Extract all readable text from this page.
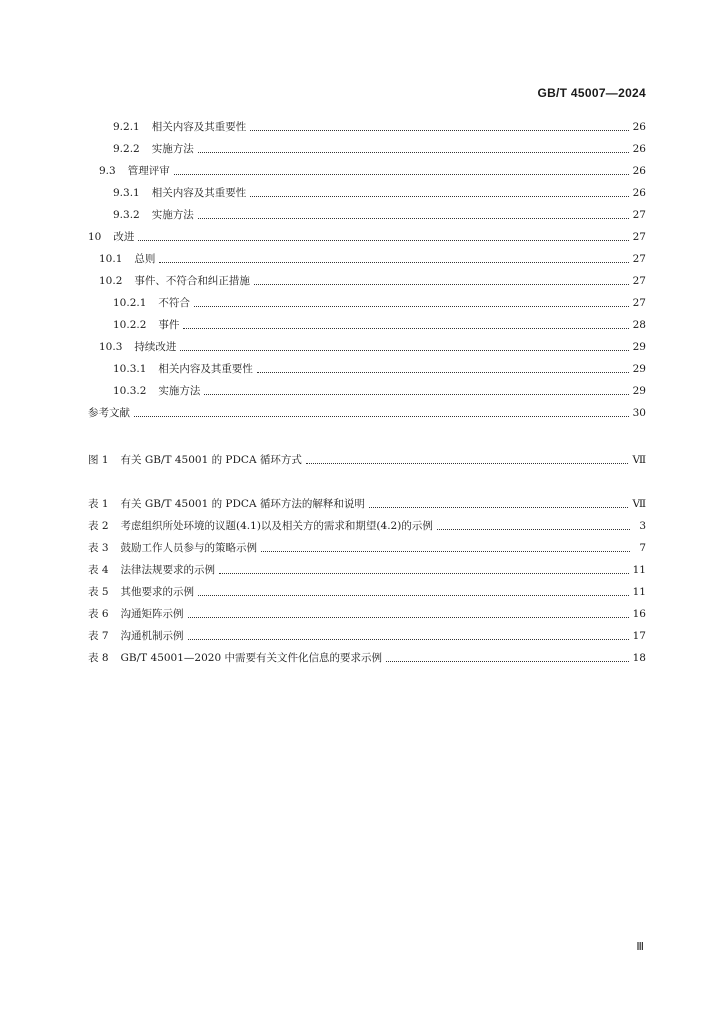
GB/T 45007—2024
9.2.1 相关内容及其重要性	26
9.2.2 实施方法	26
9.3 管理评审	26
9.3.1 相关内容及其重要性	26
9.3.2 实施方法	27
10 改进	27
10.1 总则	27
10.2 事件、不符合和纠正措施	27
10.2.1 不符合	27
10.2.2 事件	28
10.3 持续改进	29
10.3.1 相关内容及其重要性	29
10.3.2 实施方法	29
参考文献	30
图 1 有关 GB/T 45001 的 PDCA 循环方式	Ⅶ
表 1 有关 GB/T 45001 的 PDCA 循环方法的解释和说明	Ⅶ
表 2 考虑组织所处环境的议题(4.1)以及相关方的需求和期望(4.2)的示例	3
表 3 鼓励工作人员参与的策略示例	7
表 4 法律法规要求的示例	11
表 5 其他要求的示例	11
表 6 沟通矩阵示例	16
表 7 沟通机制示例	17
表 8 GB/T 45001—2020 中需要有关文件化信息的要求示例	18
Ⅲ
